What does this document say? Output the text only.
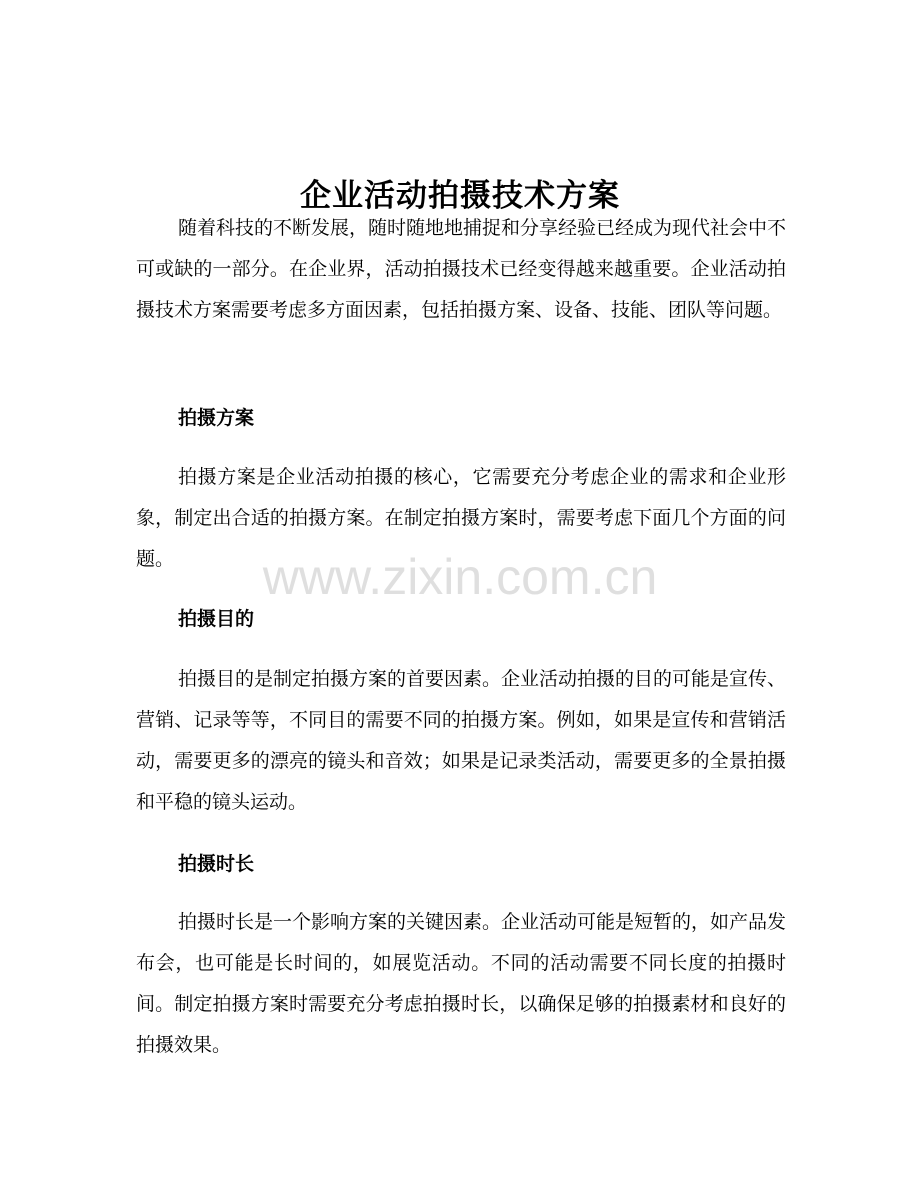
企业活动拍摄技术方案

随着科技的不断发展，随时随地地捕捉和分享经验已经成为现代社会中不可或缺的一部分。在企业界，活动拍摄技术已经变得越来越重要。企业活动拍摄技术方案需要考虑多方面因素，包括拍摄方案、设备、技能、团队等问题。

拍摄方案

拍摄方案是企业活动拍摄的核心，它需要充分考虑企业的需求和企业形象，制定出合适的拍摄方案。在制定拍摄方案时，需要考虑下面几个方面的问题。

拍摄目的

拍摄目的是制定拍摄方案的首要因素。企业活动拍摄的目的可能是宣传、营销、记录等等，不同目的需要不同的拍摄方案。例如，如果是宣传和营销活动，需要更多的漂亮的镜头和音效；如果是记录类活动，需要更多的全景拍摄和平稳的镜头运动。

拍摄时长

拍摄时长是一个影响方案的关键因素。企业活动可能是短暂的，如产品发布会，也可能是长时间的，如展览活动。不同的活动需要不同长度的拍摄时间。制定拍摄方案时需要充分考虑拍摄时长，以确保足够的拍摄素材和良好的拍摄效果。

www.zixin.com.cn
